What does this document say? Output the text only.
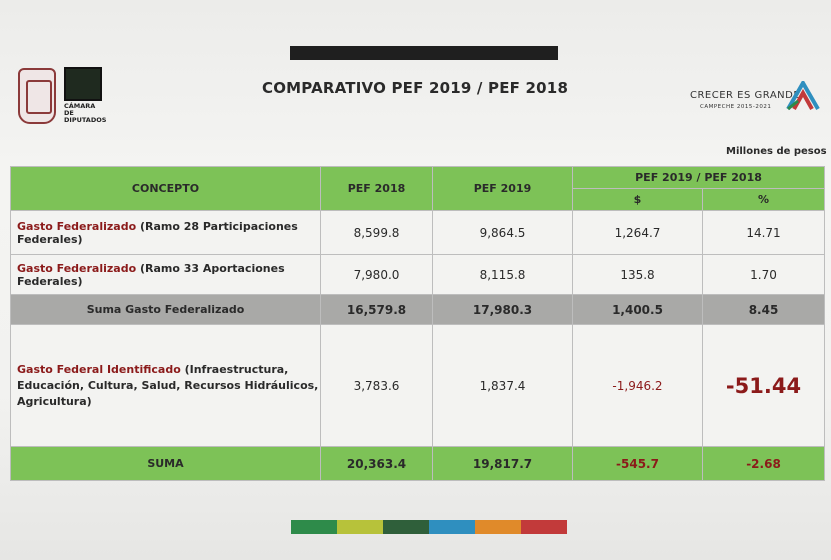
CÁMARA DE DIPUTADOS
COMPARATIVO PEF 2019 / PEF 2018	CRECER ES GRANDE
CAMPECHE 2015-2021
Millones de pesos
CONCEPTO	PEF 2018	PEF 2019	PEF 2019 / PEF 2018	
			$	%
Gasto Federalizado (Ramo 28 Participaciones Federales)	8,599.8	9,864.5	1,264.7	14.71
Gasto Federalizado (Ramo 33 Aportaciones Federales)	7,980.0	8,115.8	135.8	1.70
Suma Gasto Federalizado	16,579.8	17,980.3	1,400.5	8.45
Gasto Federal Identificado (Infraestructura, Educación, Cultura, Salud, Recursos Hidráulicos, Agricultura)	3,783.6	1,837.4	-1,946.2	-51.44
SUMA	20,363.4	19,817.7	-545.7	-2.68
